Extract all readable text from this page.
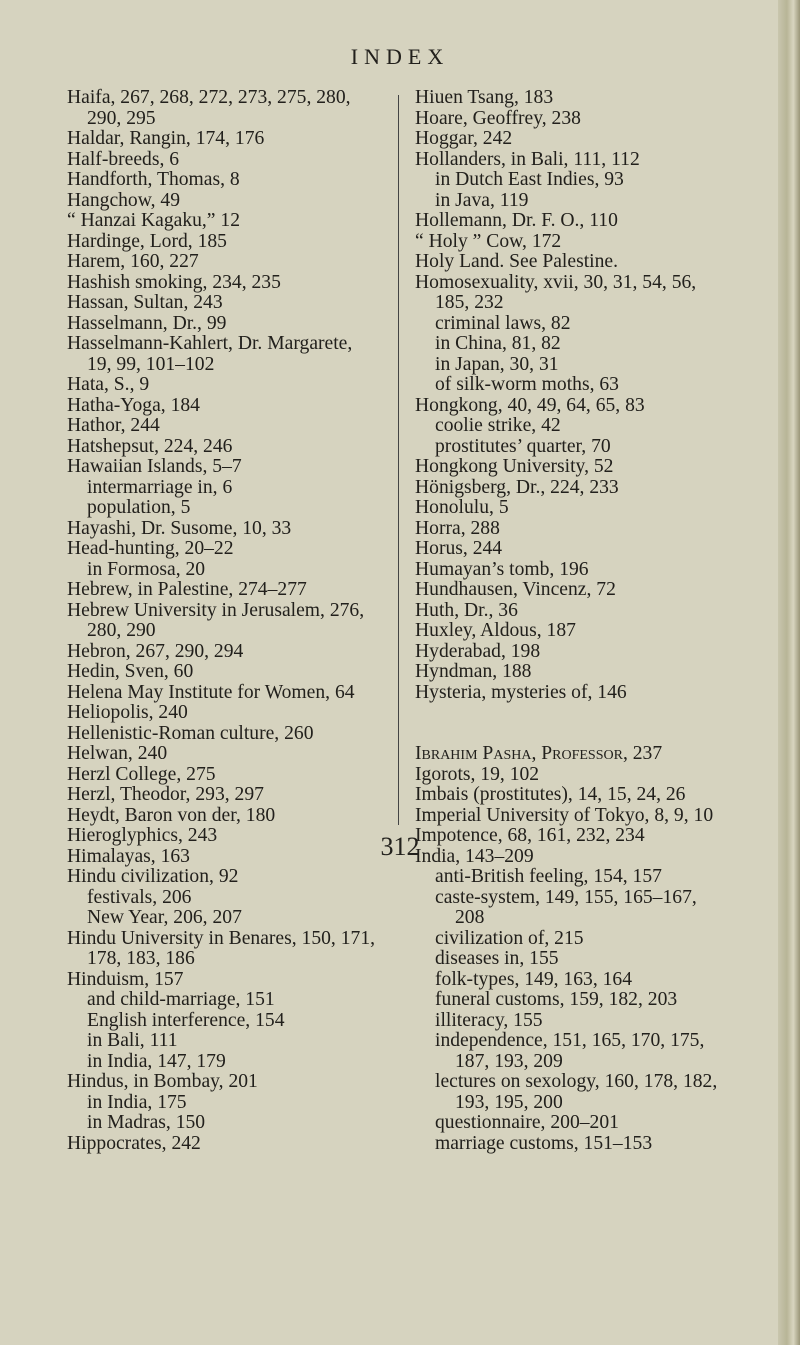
INDEX
Haifa, 267, 268, 272, 273, 275, 280,
290, 295
Haldar, Rangin, 174, 176
Half-breeds, 6
Handforth, Thomas, 8
Hangchow, 49
“ Hanzai Kagaku,” 12
Hardinge, Lord, 185
Harem, 160, 227
Hashish smoking, 234, 235
Hassan, Sultan, 243
Hasselmann, Dr., 99
Hasselmann-Kahlert, Dr. Margarete,
19, 99, 101–102
Hata, S., 9
Hatha-Yoga, 184
Hathor, 244
Hatshepsut, 224, 246
Hawaiian Islands, 5–7
intermarriage in, 6
population, 5
Hayashi, Dr. Susome, 10, 33
Head-hunting, 20–22
in Formosa, 20
Hebrew, in Palestine, 274–277
Hebrew University in Jerusalem, 276,
280, 290
Hebron, 267, 290, 294
Hedin, Sven, 60
Helena May Institute for Women, 64
Heliopolis, 240
Hellenistic-Roman culture, 260
Helwan, 240
Herzl College, 275
Herzl, Theodor, 293, 297
Heydt, Baron von der, 180
Hieroglyphics, 243
Himalayas, 163
Hindu civilization, 92
festivals, 206
New Year, 206, 207
Hindu University in Benares, 150, 171,
178, 183, 186
Hinduism, 157
and child-marriage, 151
English interference, 154
in Bali, 111
in India, 147, 179
Hindus, in Bombay, 201
in India, 175
in Madras, 150
Hippocrates, 242
Hiuen Tsang, 183
Hoare, Geoffrey, 238
Hoggar, 242
Hollanders, in Bali, 111, 112
in Dutch East Indies, 93
in Java, 119
Hollemann, Dr. F. O., 110
“ Holy ” Cow, 172
Holy Land. See Palestine.
Homosexuality, xvii, 30, 31, 54, 56,
185, 232
criminal laws, 82
in China, 81, 82
in Japan, 30, 31
of silk-worm moths, 63
Hongkong, 40, 49, 64, 65, 83
coolie strike, 42
prostitutes’ quarter, 70
Hongkong University, 52
Hönigsberg, Dr., 224, 233
Honolulu, 5
Horra, 288
Horus, 244
Humayan’s tomb, 196
Hundhausen, Vincenz, 72
Huth, Dr., 36
Huxley, Aldous, 187
Hyderabad, 198
Hyndman, 188
Hysteria, mysteries of, 146
Ibrahim Pasha, Professor, 237
Igorots, 19, 102
Imbais (prostitutes), 14, 15, 24, 26
Imperial University of Tokyo, 8, 9, 10
Impotence, 68, 161, 232, 234
India, 143–209
anti-British feeling, 154, 157
caste-system, 149, 155, 165–167,
208
civilization of, 215
diseases in, 155
folk-types, 149, 163, 164
funeral customs, 159, 182, 203
illiteracy, 155
independence, 151, 165, 170, 175,
187, 193, 209
lectures on sexology, 160, 178, 182,
193, 195, 200
questionnaire, 200–201
marriage customs, 151–153
312
